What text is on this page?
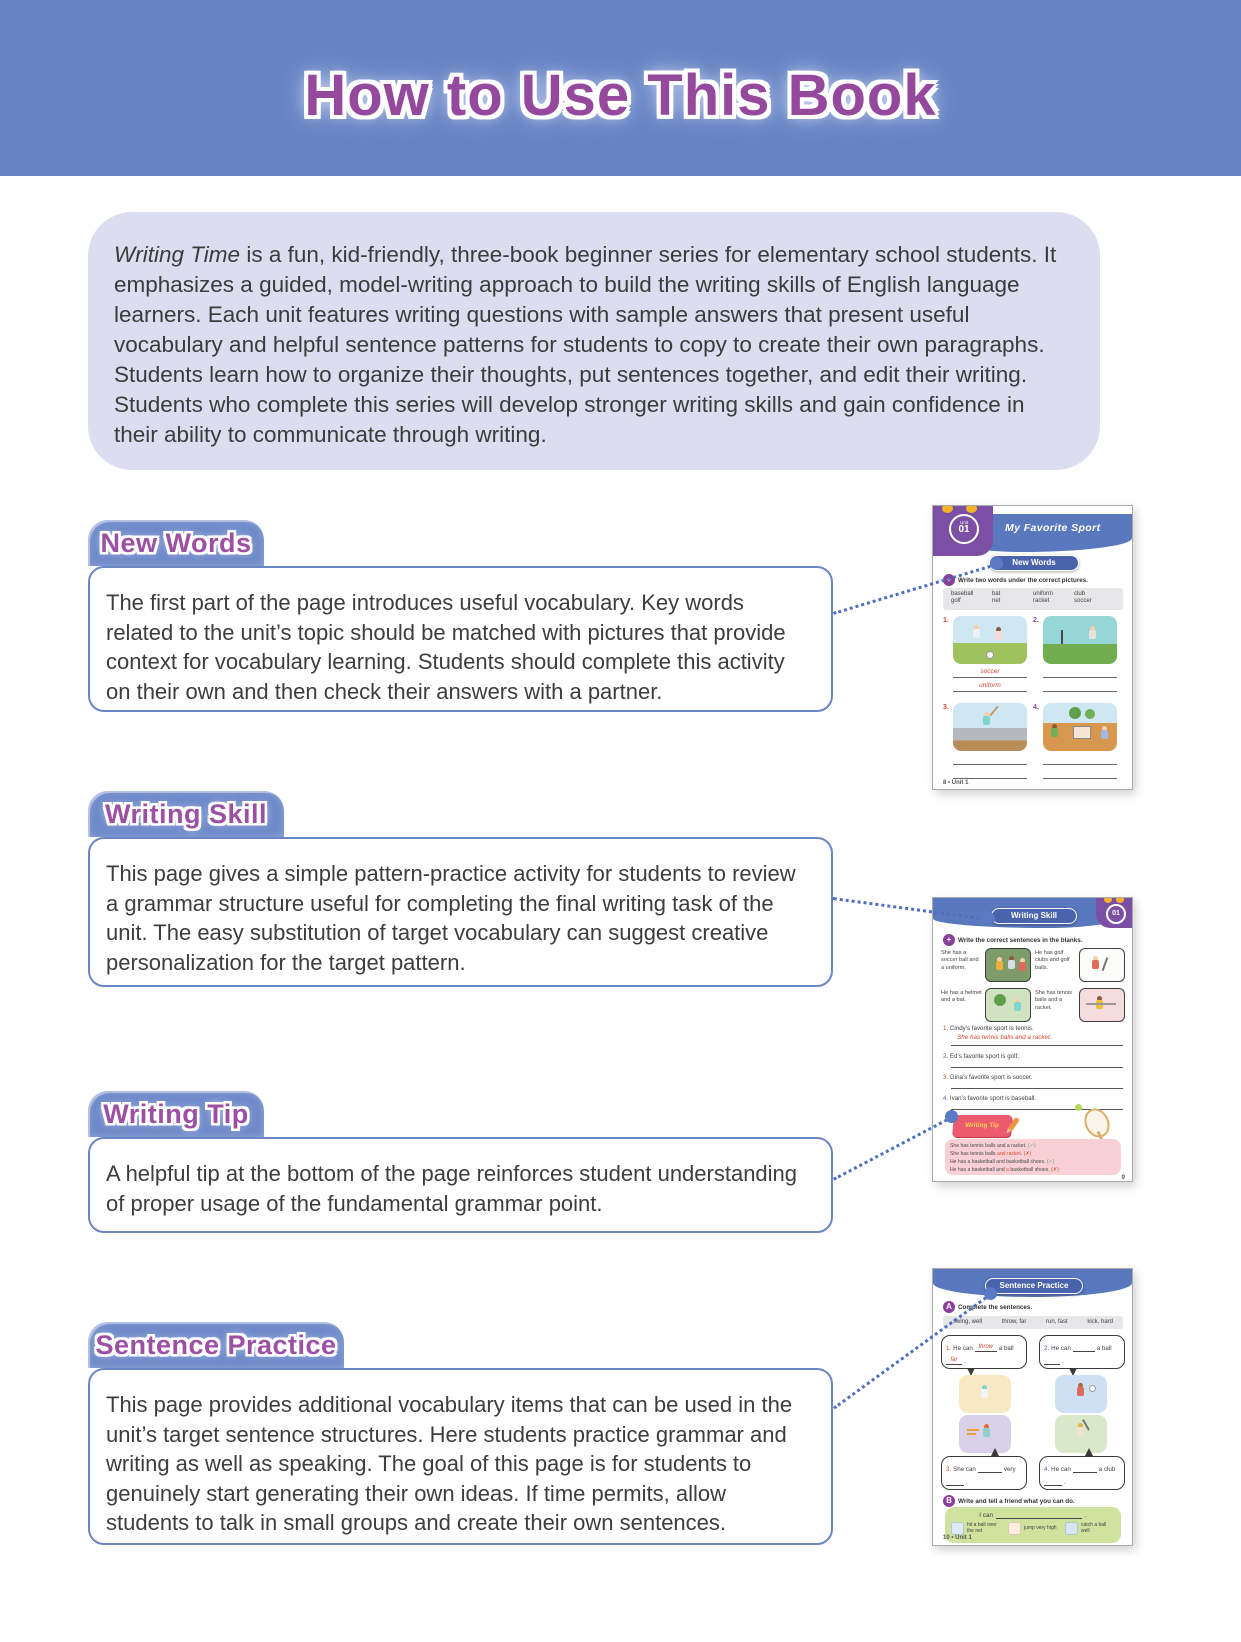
How to Use This Book

Writing Time is a fun, kid-friendly, three-book beginner series for elementary school students. It emphasizes a guided, model-writing approach to build the writing skills of English language learners. Each unit features writing questions with sample answers that present useful vocabulary and helpful sentence patterns for students to copy to create their own paragraphs. Students learn how to organize their thoughts, put sentences together, and edit their writing. Students who complete this series will develop stronger writing skills and gain confidence in their ability to communicate through writing.

New Words

The first part of the page introduces useful vocabulary. Key words related to the unit’s topic should be matched with pictures that provide context for vocabulary learning. Students should complete this activity on their own and then check their answers with a partner.

Writing Skill

This page gives a simple pattern-practice activity for students to review a grammar structure useful for completing the final writing task of the unit. The easy substitution of target vocabulary can suggest creative personalization for the target pattern.

Writing Tip

A helpful tip at the bottom of the page reinforces student understanding of proper usage of the fundamental grammar point.

Sentence Practice

This page provides additional vocabulary items that can be used in the unit’s target sentence structures. Here students practice grammar and writing as well as speaking. The goal of this page is for students to genuinely start generating their own ideas. If time permits, allow students to talk in small groups and create their own sentences.

My Favorite Sport
Unit
01
New Words
+	Write two words under the correct pictures.
baseball	bat	uniform	club
golf	net	racket	soccer
1.	2.
soccer
uniform
3.	4.
8 • Unit 1
01
Writing Skill
+	Write the correct sentences in the blanks.
She has a soccer ball and a uniform.
He has golf clubs and golf balls.
He has a helmet and a bat.
She has tennis balls and a racket.
1. Cindy’s favorite sport is tennis.
She has tennis balls and a racket.
2. Ed’s favorite sport is golf.
3. Gina’s favorite sport is soccer.
4. Ivan’s favorite sport is baseball.
Writing Tip
She has tennis balls and a racket. (✓)
She has tennis balls and racket. (✗)
He has a basketball and basketball shoes. (✓)
He has a basketball and a basketball shoes. (✗)
9
Sentence Practice
A Complete the sentences.
swing, well	throw, far	run, fast	kick, hard
1. He can throw a ball
far	.
2. He can	a ball
.
3. She can	very
.
4. He can	a club
.
B Write and tell a friend what you can do.
I can	.
hit a ball over the net	jump very high	catch a ball well
10 • Unit 1
